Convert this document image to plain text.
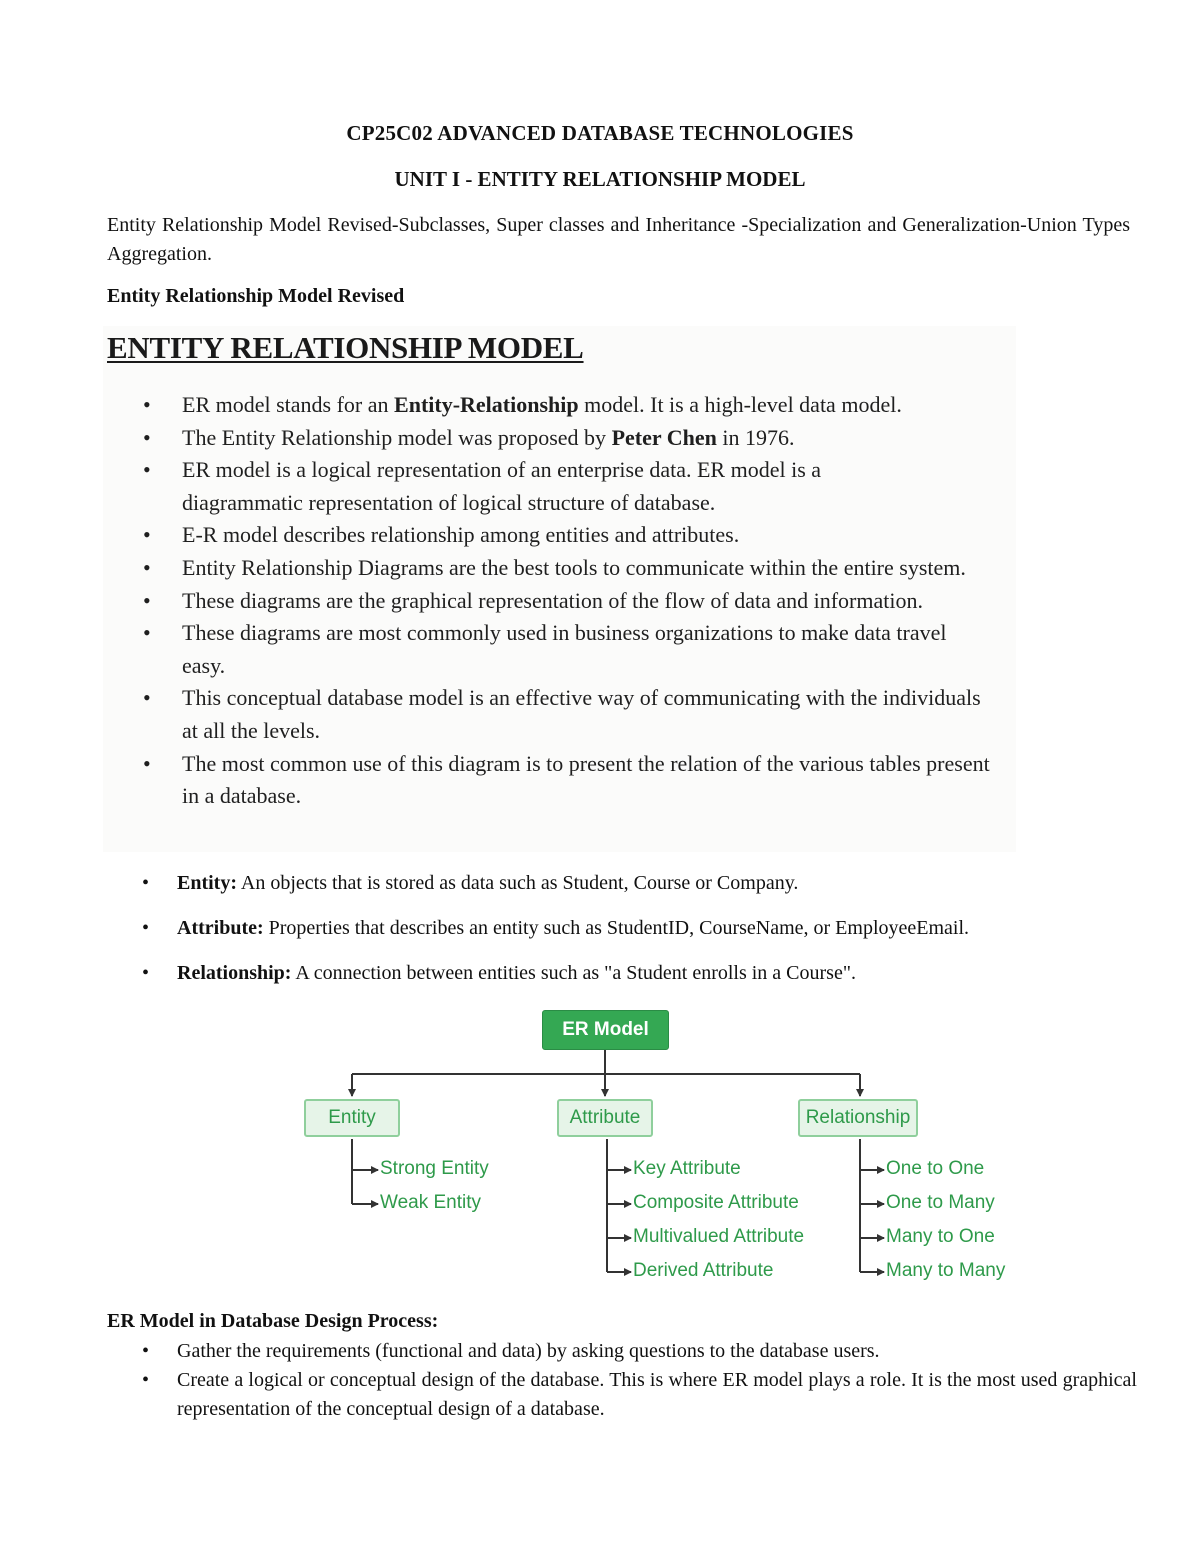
CP25C02 ADVANCED DATABASE TECHNOLOGIES
UNIT I - ENTITY RELATIONSHIP MODEL
Entity Relationship Model Revised-Subclasses, Super classes and Inheritance -Specialization and Generalization-Union Types Aggregation.
Entity Relationship Model Revised
ENTITY RELATIONSHIP MODEL
• ER model stands for an Entity-Relationship model. It is a high-level data model.
• The Entity Relationship model was proposed by Peter Chen in 1976.
• ER model is a logical representation of an enterprise data. ER model is a diagrammatic representation of logical structure of database.
• E-R model describes relationship among entities and attributes.
• Entity Relationship Diagrams are the best tools to communicate within the entire system.
• These diagrams are the graphical representation of the flow of data and information.
• These diagrams are most commonly used in business organizations to make data travel easy.
• This conceptual database model is an effective way of communicating with the individuals at all the levels.
• The most common use of this diagram is to present the relation of the various tables present in a database.
• Entity: An objects that is stored as data such as Student, Course or Company.
• Attribute: Properties that describes an entity such as StudentID, CourseName, or EmployeeEmail.
• Relationship: A connection between entities such as "a Student enrolls in a Course".
ER Model
Entity	Attribute	Relationship
Strong Entity
Weak Entity
Key Attribute
Composite Attribute
Multivalued Attribute
Derived Attribute
One to One
One to Many
Many to One
Many to Many
ER Model in Database Design Process:
• Gather the requirements (functional and data) by asking questions to the database users.
• Create a logical or conceptual design of the database. This is where ER model plays a role. It is the most used graphical representation of the conceptual design of a database.
